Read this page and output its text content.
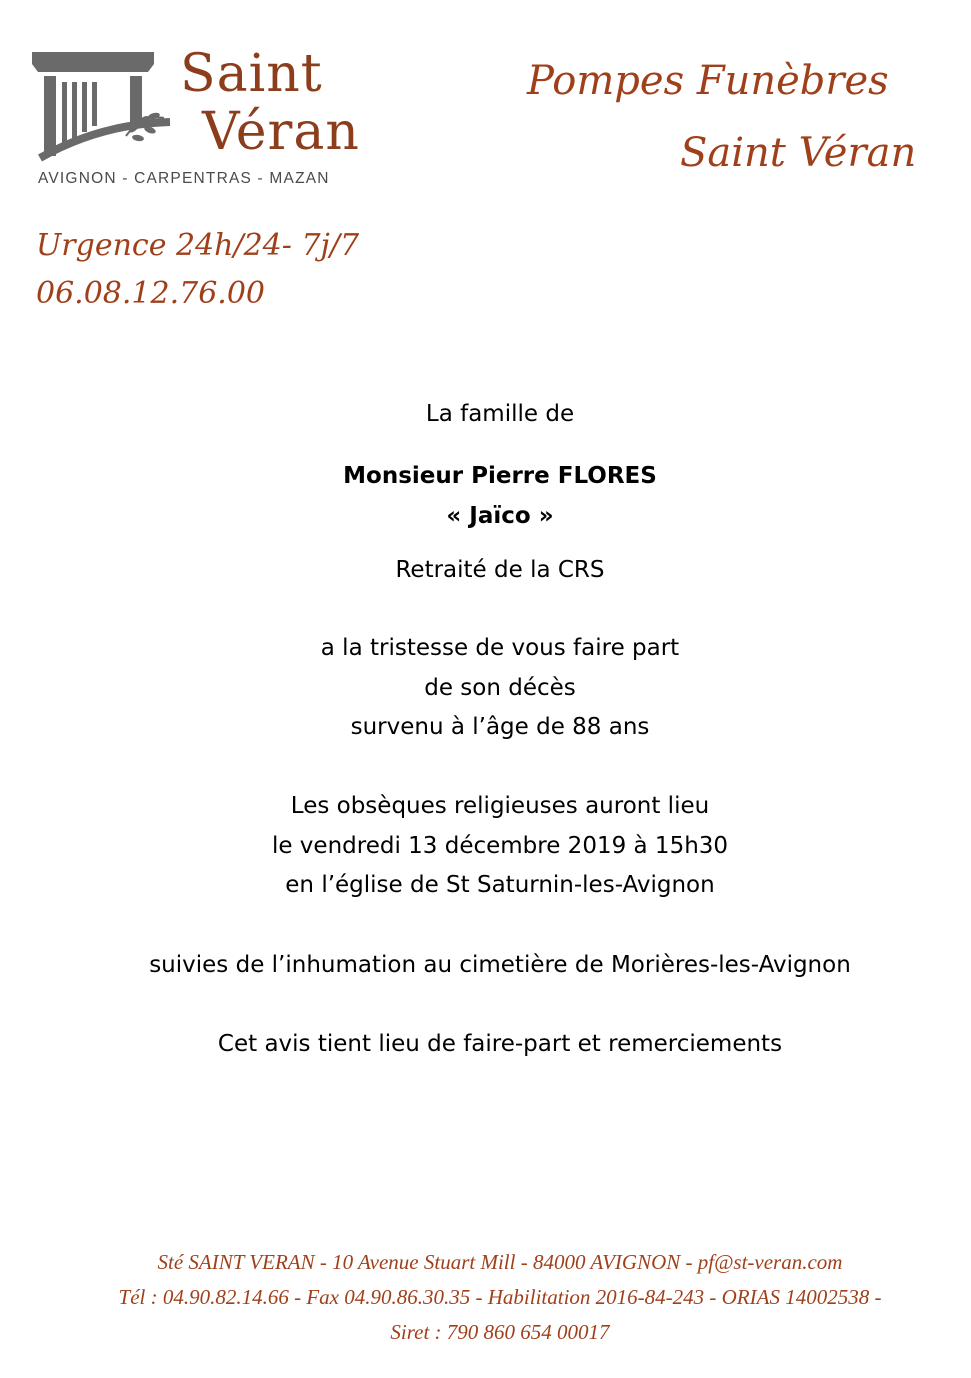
Saint
Véran
AVIGNON - CARPENTRAS - MAZAN
Pompes Funèbres
Saint Véran
Urgence 24h/24- 7j/7
06.08.12.76.00

La famille de

Monsieur Pierre FLORES

« Jaïco »

Retraité de la CRS

a la tristesse de vous faire part

de son décès

survenu à l’âge de 88 ans

Les obsèques religieuses auront lieu

le vendredi 13 décembre 2019 à 15h30

en l’église de St Saturnin-les-Avignon

suivies de l’inhumation au cimetière de Morières-les-Avignon

Cet avis tient lieu de faire-part et remerciements

Sté SAINT VERAN - 10 Avenue Stuart Mill - 84000 AVIGNON - pf@st-veran.com

Tél : 04.90.82.14.66 - Fax 04.90.86.30.35 - Habilitation 2016-84-243 - ORIAS 14002538 -

Siret : 790 860 654 00017
